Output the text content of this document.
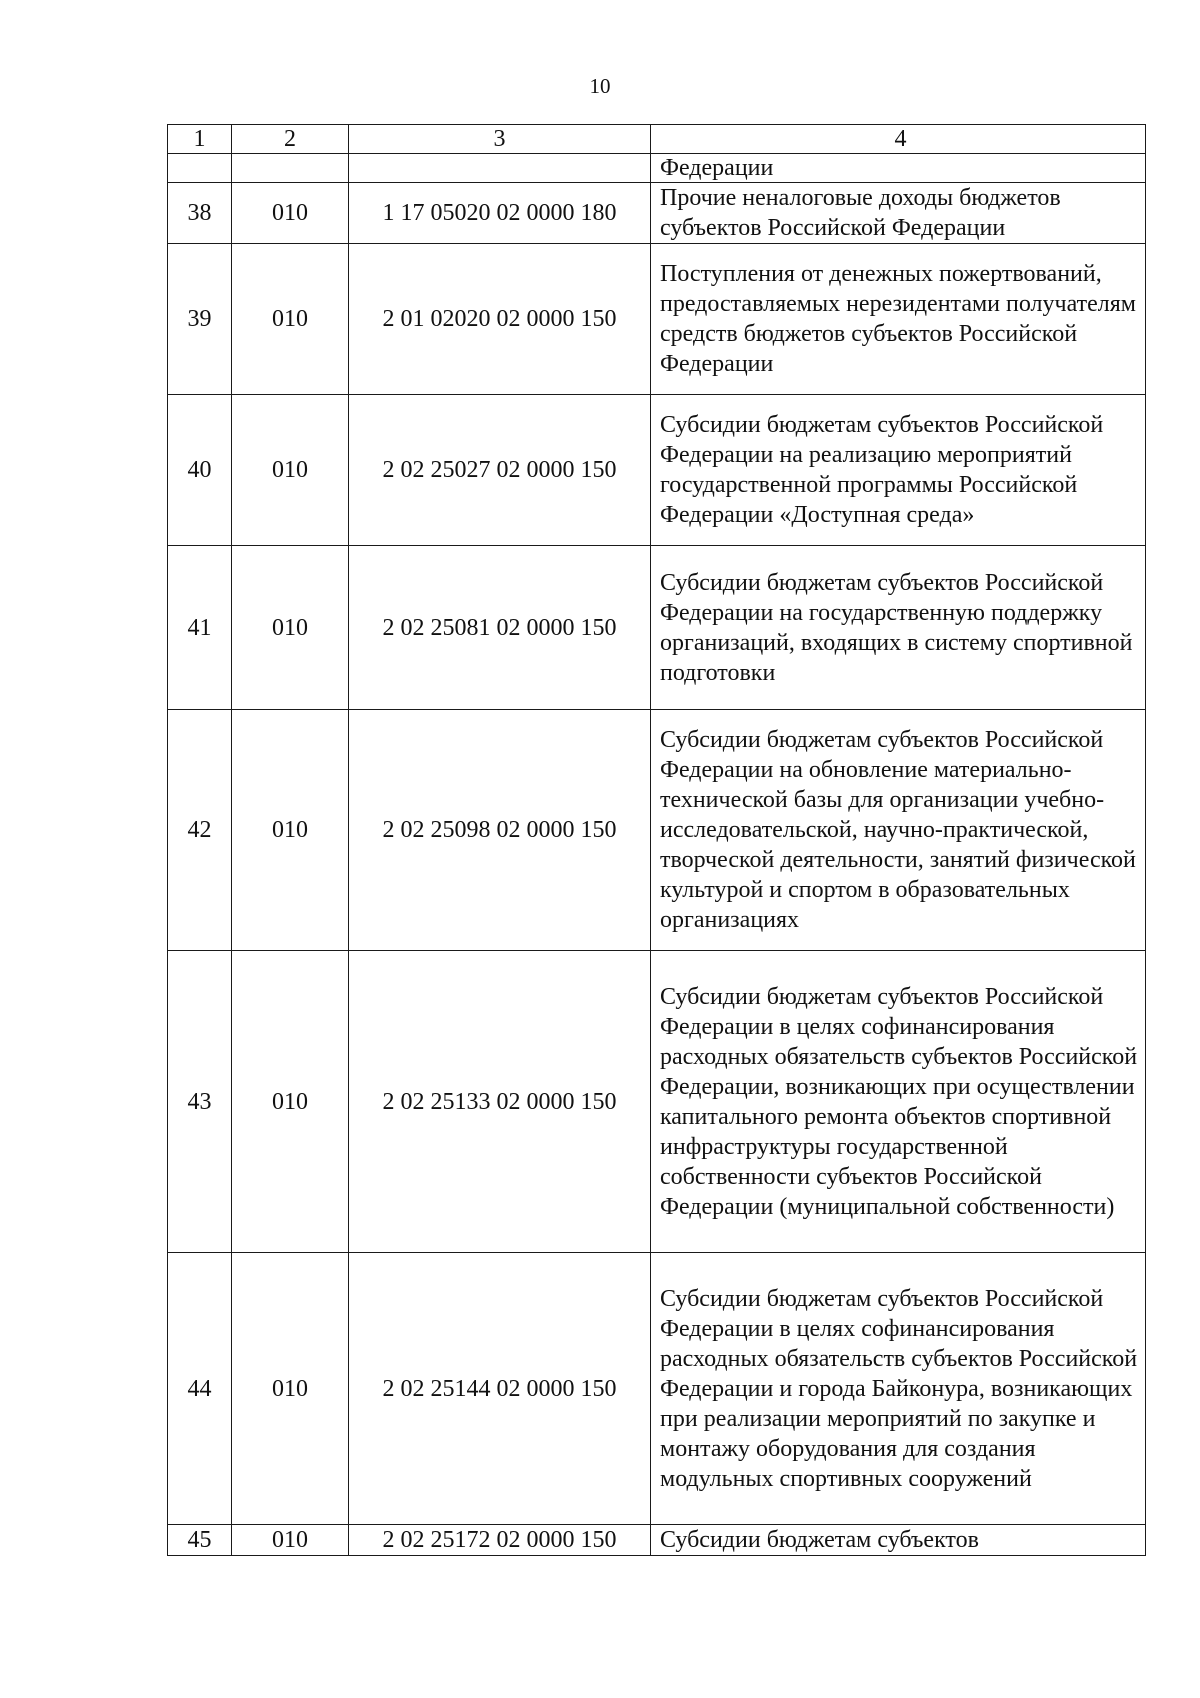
10
1	2	3	4
			Федерации
38	010	1 17 05020 02 0000 180	Прочие неналоговые доходы бюджетов субъектов Российской Федерации
39	010	2 01 02020 02 0000 150	Поступления от денежных пожертвований, предоставляемых нерезидентами получателям средств бюджетов субъектов Российской Федерации
40	010	2 02 25027 02 0000 150	Субсидии бюджетам субъектов Российской Федерации на реализацию мероприятий государственной программы Российской Федерации «Доступная среда»
41	010	2 02 25081 02 0000 150	Субсидии бюджетам субъектов Российской Федерации на государственную поддержку организаций, входящих в систему спортивной подготовки
42	010	2 02 25098 02 0000 150	Субсидии бюджетам субъектов Российской Федерации на обновление материально-технической базы для организации учебно-исследовательской, научно-практической, творческой деятельности, занятий физической культурой и спортом в образовательных организациях
43	010	2 02 25133 02 0000 150	Субсидии бюджетам субъектов Российской Федерации в целях софинансирования расходных обязательств субъектов Российской Федерации, возникающих при осуществлении капитального ремонта объектов спортивной инфраструктуры государственной собственности субъектов Российской Федерации (муниципальной собственности)
44	010	2 02 25144 02 0000 150	Субсидии бюджетам субъектов Российской Федерации в целях софинансирования расходных обязательств субъектов Российской Федерации и города Байконура, возникающих при реализации мероприятий по закупке и монтажу оборудования для создания модульных спортивных сооружений
45	010	2 02 25172 02 0000 150	Субсидии бюджетам субъектов
